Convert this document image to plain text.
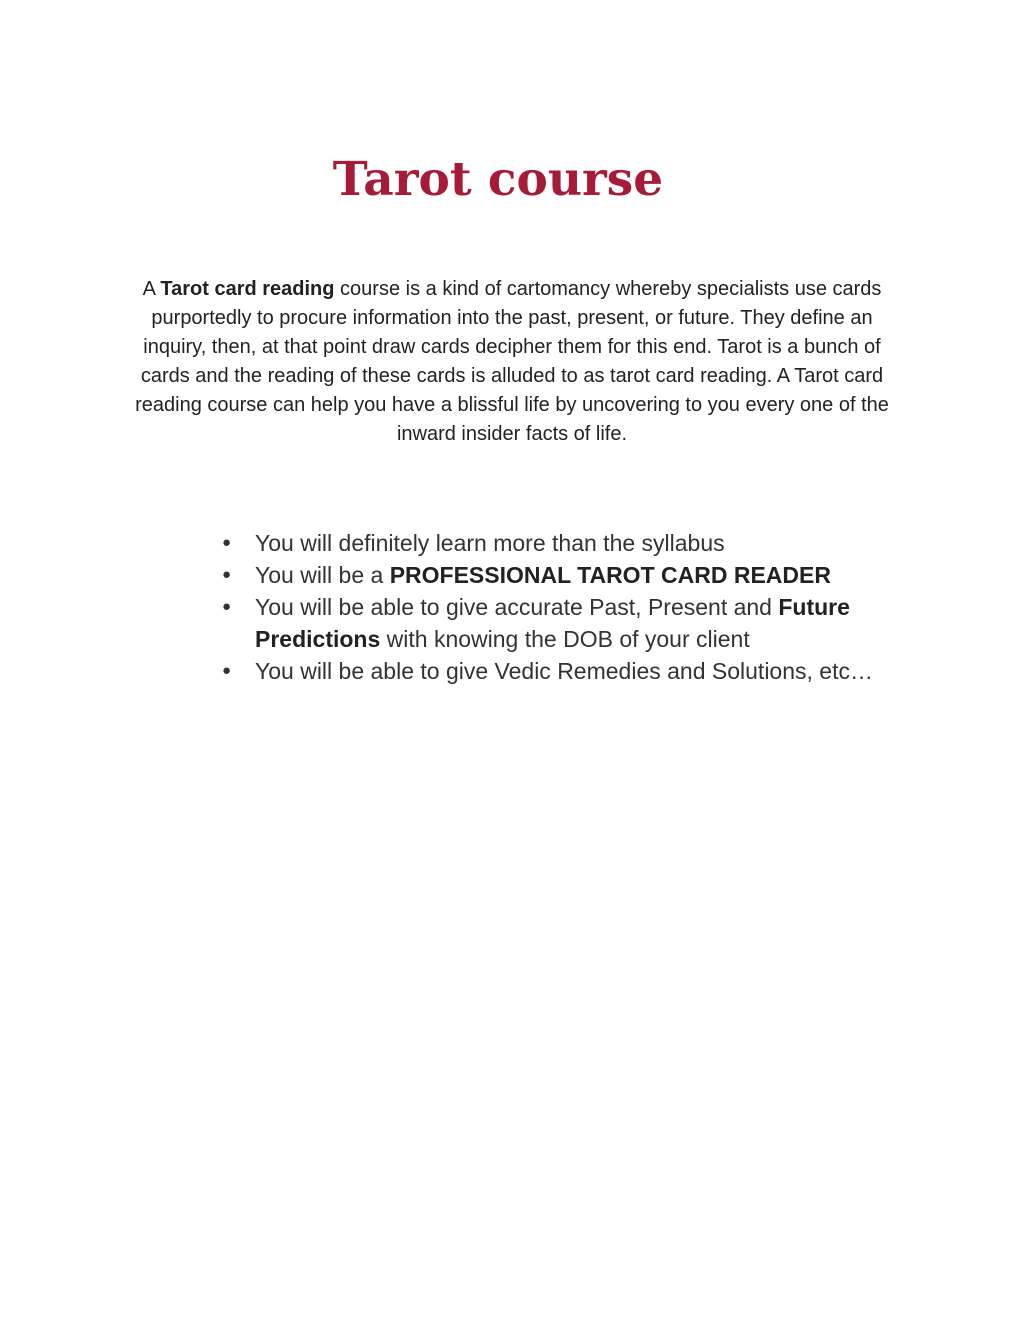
Tarot course

A Tarot card reading course is a kind of cartomancy whereby specialists use cards purportedly to procure information into the past, present, or future. They define an inquiry, then, at that point draw cards decipher them for this end. Tarot is a bunch of cards and the reading of these cards is alluded to as tarot card reading. A Tarot card reading course can help you have a blissful life by uncovering to you every one of the inward insider facts of life.

●	You will definitely learn more than the syllabus
●	You will be a PROFESSIONAL TAROT CARD READER
●	You will be able to give accurate Past, Present and Future Predictions with knowing the DOB of your client
●	You will be able to give Vedic Remedies and Solutions, etc…
